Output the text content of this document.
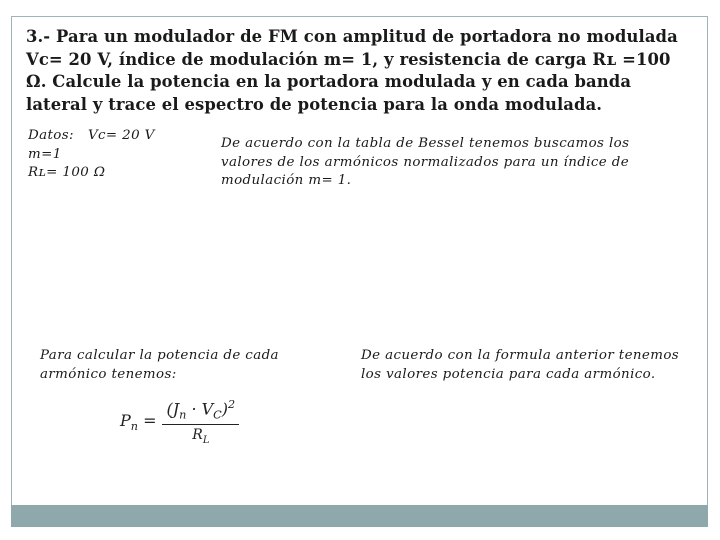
3.- Para un modulador de FM con amplitud de portadora no modulada Vc= 20 V, índice de modulación m= 1, y resistencia de carga Rʟ =100 Ω. Calcule la potencia en la portadora modulada y en cada banda lateral y trace el espectro de potencia para la onda modulada.
Datos: Vc= 20 V
m=1
Rʟ= 100 Ω
De acuerdo con la tabla de Bessel tenemos buscamos los valores de los armónicos normalizados para un índice de modulación m= 1.
Para calcular la potencia de cada armónico tenemos:
De acuerdo con la formula anterior tenemos los valores potencia para cada armónico.
$P_n = \frac{(J_n \cdot V_C)^2}{R_L}$
